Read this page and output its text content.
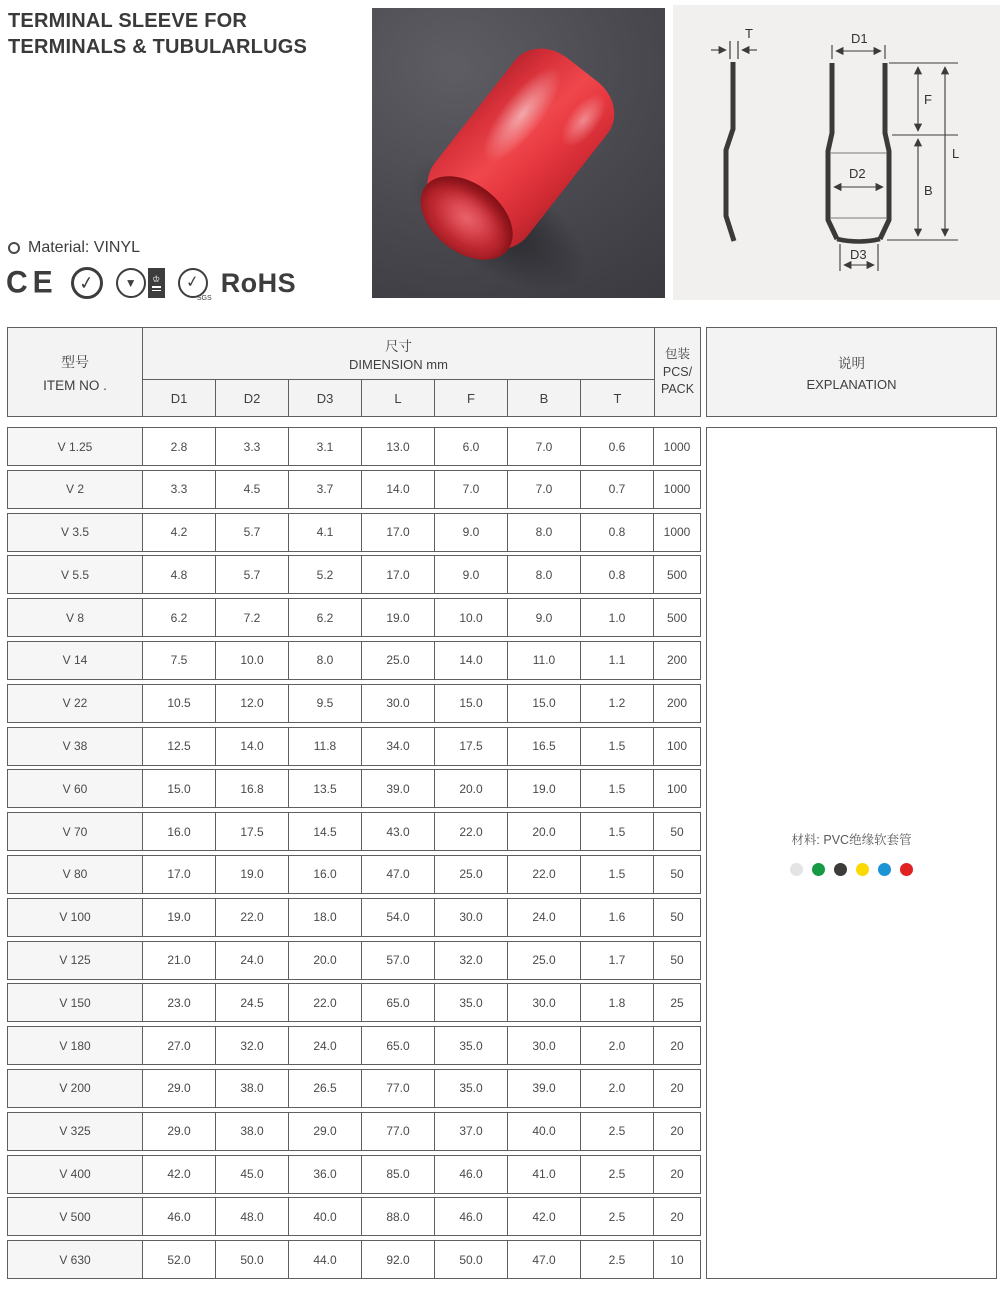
TERMINAL SLEEVE FOR
TERMINALS & TUBULARLUGS
Material: VINYL
CE ✓ ▼ ♔ ✓
SGS
RoHS
T	D1
F
L
B
D2
D3
型号
ITEM NO .
尺寸
DIMENSION mm
D1	D2	D3	L	F	B	T
包装
PCS/
PACK
说明
EXPLANATION
V 1.25	2.8	3.3	3.1	13.0	6.0	7.0	0.6	1000
V 2	3.3	4.5	3.7	14.0	7.0	7.0	0.7	1000
V 3.5	4.2	5.7	4.1	17.0	9.0	8.0	0.8	1000
V 5.5	4.8	5.7	5.2	17.0	9.0	8.0	0.8	500
V 8	6.2	7.2	6.2	19.0	10.0	9.0	1.0	500
V 14	7.5	10.0	8.0	25.0	14.0	11.0	1.1	200
V 22	10.5	12.0	9.5	30.0	15.0	15.0	1.2	200
V 38	12.5	14.0	11.8	34.0	17.5	16.5	1.5	100
V 60	15.0	16.8	13.5	39.0	20.0	19.0	1.5	100
V 70	16.0	17.5	14.5	43.0	22.0	20.0	1.5	50
V 80	17.0	19.0	16.0	47.0	25.0	22.0	1.5	50
V 100	19.0	22.0	18.0	54.0	30.0	24.0	1.6	50
V 125	21.0	24.0	20.0	57.0	32.0	25.0	1.7	50
V 150	23.0	24.5	22.0	65.0	35.0	30.0	1.8	25
V 180	27.0	32.0	24.0	65.0	35.0	30.0	2.0	20
V 200	29.0	38.0	26.5	77.0	35.0	39.0	2.0	20
V 325	29.0	38.0	29.0	77.0	37.0	40.0	2.5	20
V 400	42.0	45.0	36.0	85.0	46.0	41.0	2.5	20
V 500	46.0	48.0	40.0	88.0	46.0	42.0	2.5	20
V 630	52.0	50.0	44.0	92.0	50.0	47.0	2.5	10
材料: PVC绝缘软套管
